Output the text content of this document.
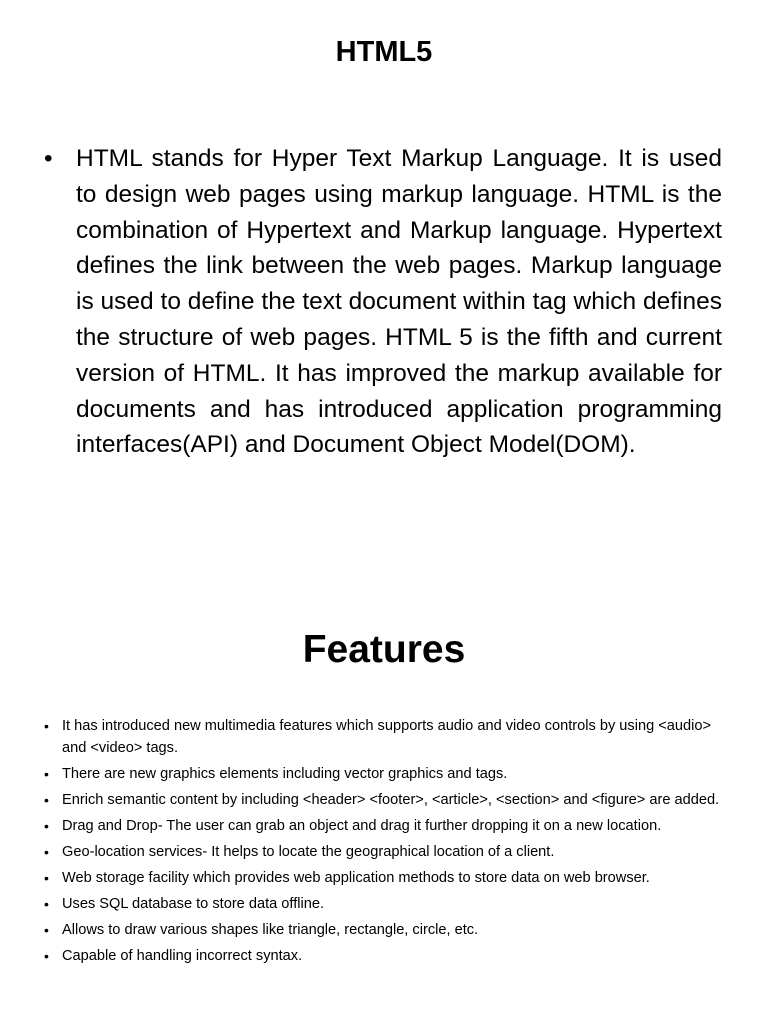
HTML5
• HTML stands for Hyper Text Markup Language. It is used to design web pages using markup language. HTML is the combination of Hypertext and Markup language. Hypertext defines the link between the web pages. Markup language is used to define the text document within tag which defines the structure of web pages. HTML 5 is the fifth and current version of HTML. It has improved the markup available for documents and has introduced application programming interfaces(API) and Document Object Model(DOM).
Features
• It has introduced new multimedia features which supports audio and video controls by using <audio> and <video> tags.
• There are new graphics elements including vector graphics and tags.
• Enrich semantic content by including <header> <footer>, <article>, <section> and <figure> are added.
• Drag and Drop- The user can grab an object and drag it further dropping it on a new location.
• Geo-location services- It helps to locate the geographical location of a client.
• Web storage facility which provides web application methods to store data on web browser.
• Uses SQL database to store data offline.
• Allows to draw various shapes like triangle, rectangle, circle, etc.
• Capable of handling incorrect syntax.
